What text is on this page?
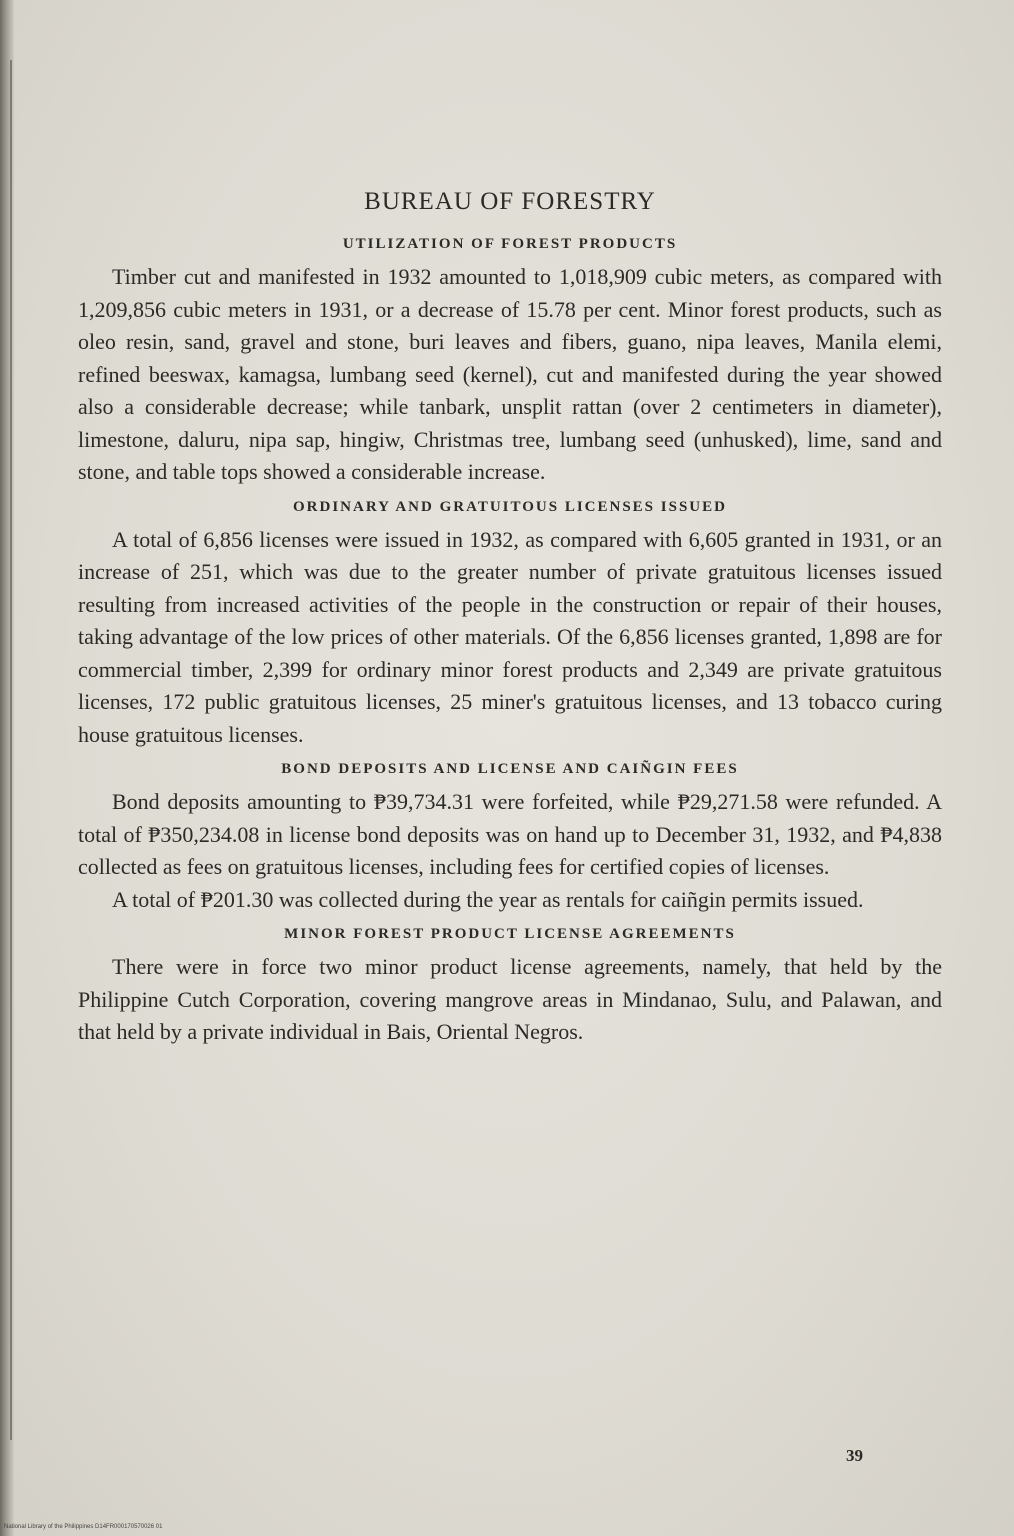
BUREAU OF FORESTRY
UTILIZATION OF FOREST PRODUCTS

Timber cut and manifested in 1932 amounted to 1,018,909 cubic meters, as compared with 1,209,856 cubic meters in 1931, or a decrease of 15.78 per cent. Minor forest products, such as oleo resin, sand, gravel and stone, buri leaves and fibers, guano, nipa leaves, Manila elemi, refined beeswax, kamagsa, lumbang seed (kernel), cut and manifested during the year showed also a considerable decrease; while tanbark, unsplit rattan (over 2 centimeters in diameter), limestone, daluru, nipa sap, hingiw, Christmas tree, lumbang seed (unhusked), lime, sand and stone, and table tops showed a considerable increase.

ORDINARY AND GRATUITOUS LICENSES ISSUED

A total of 6,856 licenses were issued in 1932, as compared with 6,605 granted in 1931, or an increase of 251, which was due to the greater number of private gratuitous licenses issued resulting from increased activities of the people in the construction or repair of their houses, taking advantage of the low prices of other materials. Of the 6,856 licenses granted, 1,898 are for commercial timber, 2,399 for ordinary minor forest products and 2,349 are private gratuitous licenses, 172 public gratuitous licenses, 25 miner's gratuitous licenses, and 13 tobacco curing house gratuitous licenses.

BOND DEPOSITS AND LICENSE AND CAIÑGIN FEES

Bond deposits amounting to ₱39,734.31 were forfeited, while ₱29,271.58 were refunded. A total of ₱350,234.08 in license bond deposits was on hand up to December 31, 1932, and ₱4,838 collected as fees on gratuitous licenses, including fees for certified copies of licenses.

A total of ₱201.30 was collected during the year as rentals for caiñgin permits issued.

MINOR FOREST PRODUCT LICENSE AGREEMENTS

There were in force two minor product license agreements, namely, that held by the Philippine Cutch Corporation, covering mangrove areas in Mindanao, Sulu, and Palawan, and that held by a private individual in Bais, Oriental Negros.

39
National Library of the Philippines D14FR000170570026 01
